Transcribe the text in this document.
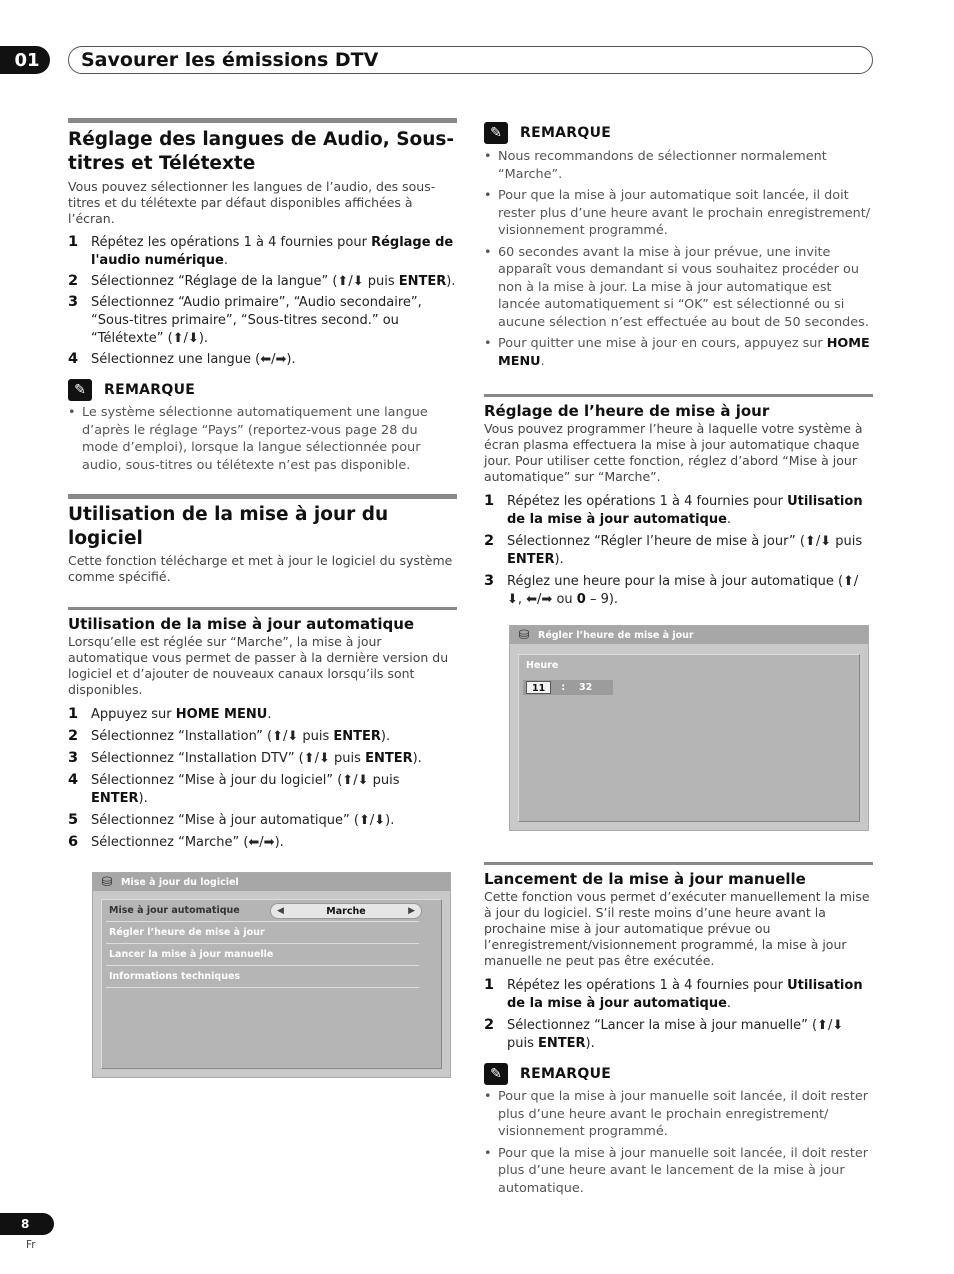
01	Savourer les émissions DTV
Réglage des langues de Audio, Sous-titres et Télétexte

Vous pouvez sélectionner les langues de l’audio, des sous-titres et du télétexte par défaut disponibles affichées à l’écran.

1 Répétez les opérations 1 à 4 fournies pour Réglage de l'audio numérique.
2 Sélectionnez “Réglage de la langue” (⬆/⬇ puis ENTER).
3 Sélectionnez “Audio primaire”, “Audio secondaire”, “Sous-titres primaire”, “Sous-titres second.” ou “Télétexte” (⬆/⬇).
4 Sélectionnez une langue (⬅/➡).
✎	REMARQUE
• Le système sélectionne automatiquement une langue d’après le réglage “Pays” (reportez-vous page 28 du mode d’emploi), lorsque la langue sélectionnée pour audio, sous-titres ou télétexte n’est pas disponible.
Utilisation de la mise à jour du logiciel

Cette fonction télécharge et met à jour le logiciel du système comme spécifié.

Utilisation de la mise à jour automatique

Lorsqu’elle est réglée sur “Marche”, la mise à jour automatique vous permet de passer à la dernière version du logiciel et d’ajouter de nouveaux canaux lorsqu’ils sont disponibles.

1 Appuyez sur HOME MENU.
2 Sélectionnez “Installation” (⬆/⬇ puis ENTER).
3 Sélectionnez “Installation DTV” (⬆/⬇ puis ENTER).
4 Sélectionnez “Mise à jour du logiciel” (⬆/⬇ puis ENTER).
5 Sélectionnez “Mise à jour automatique” (⬆/⬇).
6 Sélectionnez “Marche” (⬅/➡).
⛁ Mise à jour du logiciel
Mise à jour automatique	◀	Marche	▶
Régler l’heure de mise à jour
Lancer la mise à jour manuelle
Informations techniques
✎	REMARQUE
• Nous recommandons de sélectionner normalement “Marche”.
• Pour que la mise à jour automatique soit lancée, il doit rester plus d’une heure avant le prochain enregistrement/ visionnement programmé.
• 60 secondes avant la mise à jour prévue, une invite apparaît vous demandant si vous souhaitez procéder ou non à la mise à jour. La mise à jour automatique est lancée automatiquement si “OK” est sélectionné ou si aucune sélection n’est effectuée au bout de 50 secondes.
• Pour quitter une mise à jour en cours, appuyez sur HOME MENU.
Réglage de l’heure de mise à jour

Vous pouvez programmer l’heure à laquelle votre système à écran plasma effectuera la mise à jour automatique chaque jour. Pour utiliser cette fonction, réglez d’abord “Mise à jour automatique” sur “Marche”.

1 Répétez les opérations 1 à 4 fournies pour Utilisation de la mise à jour automatique.
2 Sélectionnez “Régler l’heure de mise à jour” (⬆/⬇ puis ENTER).
3 Réglez une heure pour la mise à jour automatique (⬆/⬇, ⬅/➡ ou 0 – 9).
⛁ Régler l’heure de mise à jour
Heure
11	: 32
Lancement de la mise à jour manuelle

Cette fonction vous permet d’exécuter manuellement la mise à jour du logiciel. S’il reste moins d’une heure avant la prochaine mise à jour automatique prévue ou l’enregistrement/visionnement programmé, la mise à jour manuelle ne peut pas être exécutée.

1 Répétez les opérations 1 à 4 fournies pour Utilisation de la mise à jour automatique.
2 Sélectionnez “Lancer la mise à jour manuelle” (⬆/⬇ puis ENTER).
✎	REMARQUE
• Pour que la mise à jour manuelle soit lancée, il doit rester plus d’une heure avant le prochain enregistrement/ visionnement programmé.
• Pour que la mise à jour manuelle soit lancée, il doit rester plus d’une heure avant le lancement de la mise à jour automatique.
8
Fr
